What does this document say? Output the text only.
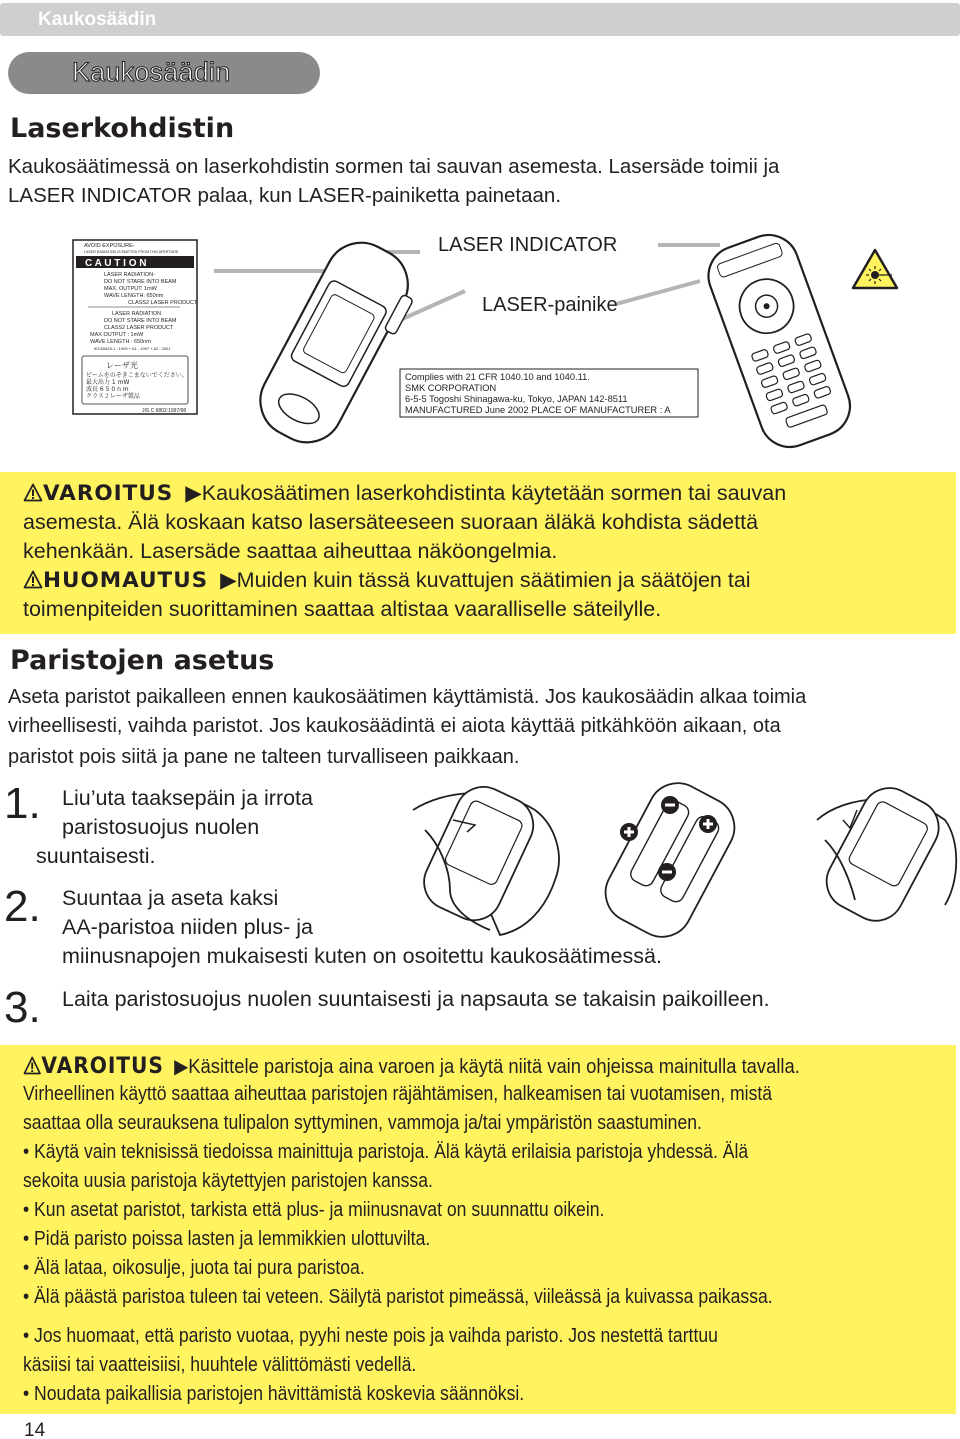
Kaukosäädin
Kaukosäädin
Laserkohdistin
Kaukosäätimessä on laserkohdistin sormen tai sauvan asemesta. Lasersäde toimii ja
LASER INDICATOR palaa, kun LASER-painiketta painetaan.
AVOID EXPOSURE-
LASER RADIATION IS EMITTED FROM THIS APERTURE
C A U T I O N
LASER RADIATION-
DO NOT STARE INTO BEAM
MAX. OUTPUT: 1mW
WAVE LENGTH: 650nm
CLASS2 LASER PRODUCT
LASER RADIATION
DO NOT STARE INTO BEAM
CLASS2 LASER PRODUCT
MAX OUTPUT : 1mW
WAVE LENGTH : 650nm
IEC60825-1 : 1993 + A1 : 1997 + A2 : 2001
レーザ光
ビームをのぞきこまないでください。
最大出力 1 mW
波長 6 5 0 n m
クラス２レーザ製品
JIS C 6802:1997/98
LASER INDICATOR
LASER-painike
Complies with 21 CFR 1040.10 and 1040.11.
SMK CORPORATION
6-5-5 Togoshi Shinagawa-ku, Tokyo, JAPAN 142-8511
MANUFACTURED June 2002 PLACE OF MANUFACTURER : A
VAROITUS  ▶Kaukosäätimen laserkohdistinta käytetään sormen tai sauvan
asemesta. Älä koskaan katso lasersäteeseen suoraan äläkä kohdista sädettä
kehenkään. Lasersäde saattaa aiheuttaa näköongelmia.
HUOMAUTUS  ▶Muiden kuin tässä kuvattujen säätimien ja säätöjen tai
toimenpiteiden suorittaminen saattaa altistaa vaaralliselle säteilylle.
Paristojen asetus
Aseta paristot paikalleen ennen kaukosäätimen käyttämistä. Jos kaukosäädin alkaa toimia
virheellisesti, vaihda paristot. Jos kaukosäädintä ei aiota käyttää pitkähköön aikaan, ota
paristot pois siitä ja pane ne talteen turvalliseen paikkaan.
1. Liu’uta taaksepäin ja irrota
paristosuojus nuolen
suuntaisesti.
2. Suuntaa ja aseta kaksi
AA-paristoa niiden plus- ja
miinusnapojen mukaisesti kuten on osoitettu kaukosäätimessä.
3. Laita paristosuojus nuolen suuntaisesti ja napsauta se takaisin paikoilleen.
VAROITUS  ▶Käsittele paristoja aina varoen ja käytä niitä vain ohjeissa mainitulla tavalla.
Virheellinen käyttö saattaa aiheuttaa paristojen räjähtämisen, halkeamisen tai vuotamisen, mistä
saattaa olla seurauksena tulipalon syttyminen, vammoja ja/tai ympäristön saastuminen.
• Käytä vain teknisissä tiedoissa mainittuja paristoja. Älä käytä erilaisia paristoja yhdessä. Älä
sekoita uusia paristoja käytettyjen paristojen kanssa.
• Kun asetat paristot, tarkista että plus- ja miinusnavat on suunnattu oikein.
• Pidä paristo poissa lasten ja lemmikkien ulottuvilta.
• Älä lataa, oikosulje, juota tai pura paristoa.
• Älä päästä paristoa tuleen tai veteen. Säilytä paristot pimeässä, viileässä ja kuivassa paikassa.
• Jos huomaat, että paristo vuotaa, pyyhi neste pois ja vaihda paristo. Jos nestettä tarttuu
käsiisi tai vaatteisiisi, huuhtele välittömästi vedellä.
• Noudata paikallisia paristojen hävittämistä koskevia säännöksi.
14
